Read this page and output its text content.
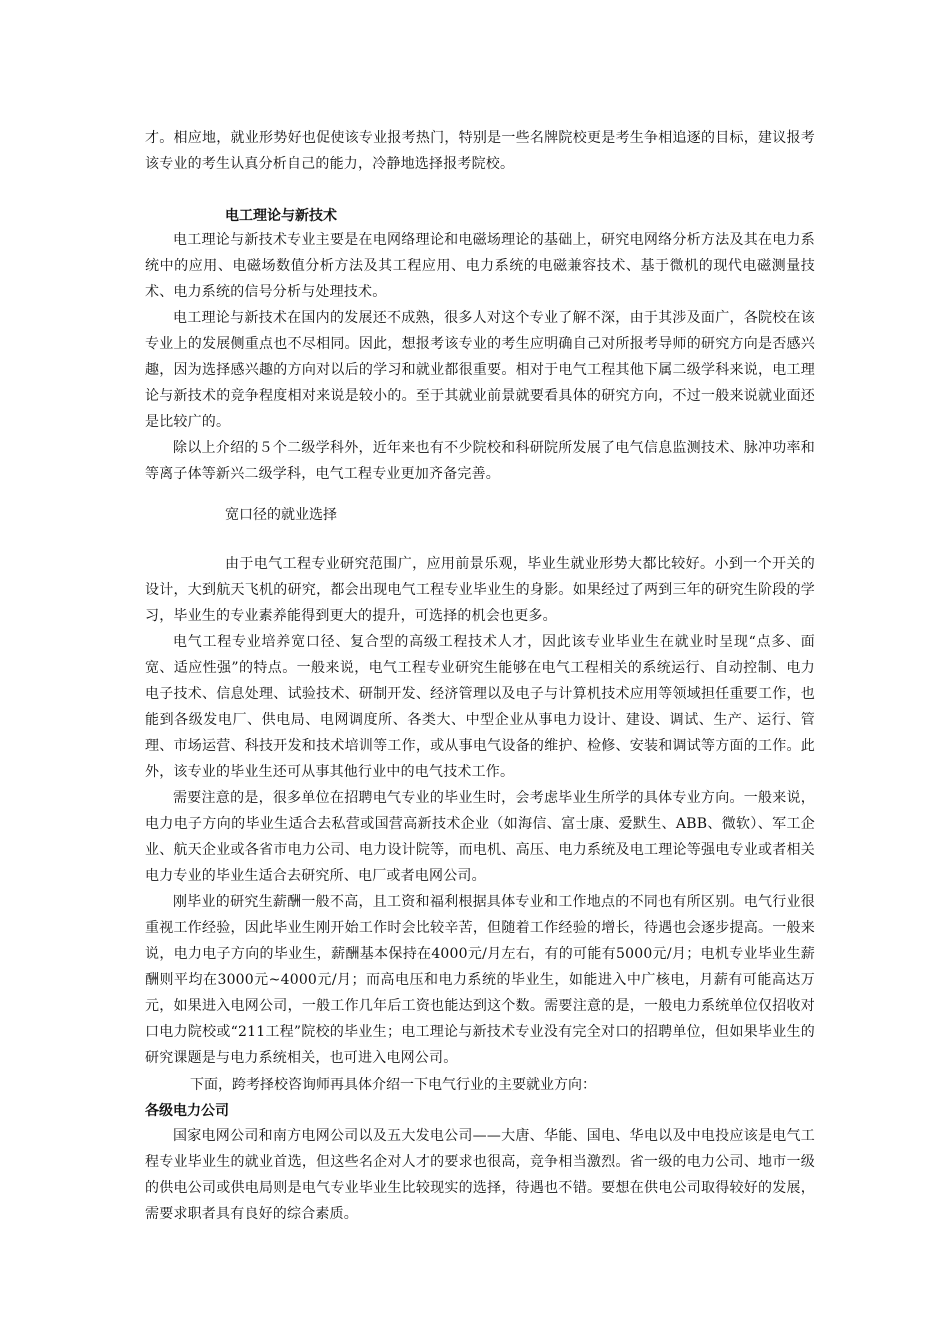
才。相应地，就业形势好也促使该专业报考热门，特别是一些名牌院校更是考生争相追逐的目标，建议报考该专业的考生认真分析自己的能力，冷静地选择报考院校。

电工理论与新技术

电工理论与新技术专业主要是在电网络理论和电磁场理论的基础上，研究电网络分析方法及其在电力系统中的应用、电磁场数值分析方法及其工程应用、电力系统的电磁兼容技术、基于微机的现代电磁测量技术、电力系统的信号分析与处理技术。

电工理论与新技术在国内的发展还不成熟，很多人对这个专业了解不深，由于其涉及面广，各院校在该专业上的发展侧重点也不尽相同。因此，想报考该专业的考生应明确自己对所报考导师的研究方向是否感兴趣，因为选择感兴趣的方向对以后的学习和就业都很重要。相对于电气工程其他下属二级学科来说，电工理论与新技术的竞争程度相对来说是较小的。至于其就业前景就要看具体的研究方向，不过一般来说就业面还是比较广的。

除以上介绍的５个二级学科外，近年来也有不少院校和科研院所发展了电气信息监测技术、脉冲功率和等离子体等新兴二级学科，电气工程专业更加齐备完善。

宽口径的就业选择

由于电气工程专业研究范围广，应用前景乐观，毕业生就业形势大都比较好。小到一个开关的设计，大到航天飞机的研究，都会出现电气工程专业毕业生的身影。如果经过了两到三年的研究生阶段的学习，毕业生的专业素养能得到更大的提升，可选择的机会也更多。

电气工程专业培养宽口径、复合型的高级工程技术人才，因此该专业毕业生在就业时呈现“点多、面宽、适应性强”的特点。一般来说，电气工程专业研究生能够在电气工程相关的系统运行、自动控制、电力电子技术、信息处理、试验技术、研制开发、经济管理以及电子与计算机技术应用等领域担任重要工作，也能到各级发电厂、供电局、电网调度所、各类大、中型企业从事电力设计、建设、调试、生产、运行、管理、市场运营、科技开发和技术培训等工作，或从事电气设备的维护、检修、安装和调试等方面的工作。此外，该专业的毕业生还可从事其他行业中的电气技术工作。

需要注意的是，很多单位在招聘电气专业的毕业生时，会考虑毕业生所学的具体专业方向。一般来说，电力电子方向的毕业生适合去私营或国营高新技术企业（如海信、富士康、爱默生、ABB、微软）、军工企业、航天企业或各省市电力公司、电力设计院等，而电机、高压、电力系统及电工理论等强电专业或者相关电力专业的毕业生适合去研究所、电厂或者电网公司。

刚毕业的研究生薪酬一般不高，且工资和福利根据具体专业和工作地点的不同也有所区别。电气行业很重视工作经验，因此毕业生刚开始工作时会比较辛苦，但随着工作经验的增长，待遇也会逐步提高。一般来说，电力电子方向的毕业生，薪酬基本保持在4000元/月左右，有的可能有5000元/月；电机专业毕业生薪酬则平均在3000元~4000元/月；而高电压和电力系统的毕业生，如能进入中广核电，月薪有可能高达万元，如果进入电网公司，一般工作几年后工资也能达到这个数。需要注意的是，一般电力系统单位仅招收对口电力院校或“211工程”院校的毕业生；电工理论与新技术专业没有完全对口的招聘单位，但如果毕业生的研究课题是与电力系统相关，也可进入电网公司。

下面，跨考择校咨询师再具体介绍一下电气行业的主要就业方向：
各级电力公司

国家电网公司和南方电网公司以及五大发电公司——大唐、华能、国电、华电以及中电投应该是电气工程专业毕业生的就业首选，但这些名企对人才的要求也很高，竞争相当激烈。省一级的电力公司、地市一级的供电公司或供电局则是电气专业毕业生比较现实的选择，待遇也不错。要想在供电公司取得较好的发展，需要求职者具有良好的综合素质。
